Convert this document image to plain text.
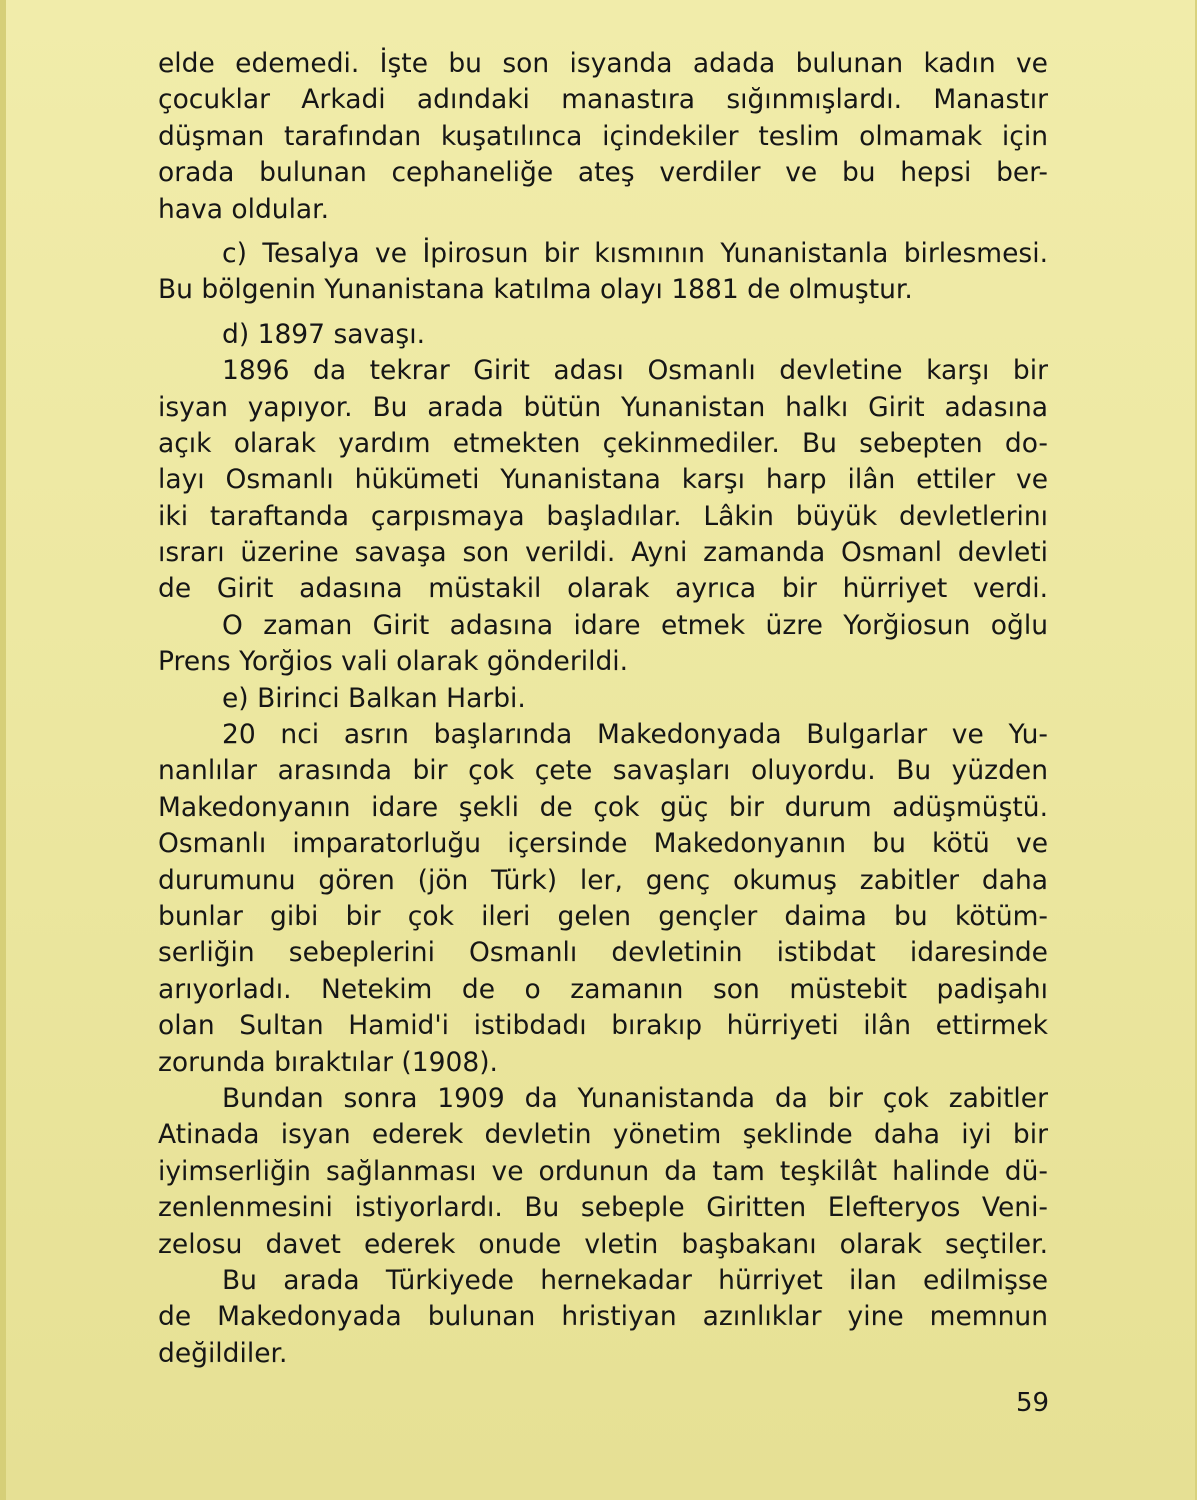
elde edemedi. İşte bu son isyanda adada bulunan kadın ve
çocuklar Arkadi adındaki manastıra sığınmışlardı. Manastır
düşman tarafından kuşatılınca içindekiler teslim olmamak için
orada bulunan cephaneliğe ateş verdiler ve bu hepsi ber-
hava oldular.
c) Tesalya ve İpirosun bir kısmının Yunanistanla birlesmesi.
Bu bölgenin Yunanistana katılma olayı 1881 de olmuştur.
d) 1897 savaşı.
1896 da tekrar Girit adası Osmanlı devletine karşı bir
isyan yapıyor. Bu arada bütün Yunanistan halkı Girit adasına
açık olarak yardım etmekten çekinmediler. Bu sebepten do-
layı Osmanlı hükümeti Yunanistana karşı harp ilân ettiler ve
iki taraftanda çarpısmaya başladılar. Lâkin büyük devletlerinı
ısrarı üzerine savaşa son verildi. Ayni zamanda Osmanl devleti
de Girit adasına müstakil olarak ayrıca bir hürriyet verdi.
O zaman Girit adasına idare etmek üzre Yorğiosun oğlu
Prens Yorğios vali olarak gönderildi.
e) Birinci Balkan Harbi.
20 nci asrın başlarında Makedonyada Bulgarlar ve Yu-
nanlılar arasında bir çok çete savaşları oluyordu. Bu yüzden
Makedonyanın idare şekli de çok güç bir durum adüşmüştü.
Osmanlı imparatorluğu içersinde Makedonyanın bu kötü ve
durumunu gören (jön Türk) ler, genç okumuş zabitler daha
bunlar gibi bir çok ileri gelen gençler daima bu kötüm-
serliğin sebeplerini Osmanlı devletinin istibdat idaresinde
arıyorladı. Netekim de o zamanın son müstebit padişahı
olan Sultan Hamid'i istibdadı bırakıp hürriyeti ilân ettirmek
zorunda bıraktılar (1908).
Bundan sonra 1909 da Yunanistanda da bir çok zabitler
Atinada isyan ederek devletin yönetim şeklinde daha iyi bir
iyimserliğin sağlanması ve ordunun da tam teşkilât halinde dü-
zenlenmesini istiyorlardı. Bu sebeple Giritten Elefteryos Veni-
zelosu davet ederek onude vletin başbakanı olarak seçtiler.
Bu arada Türkiyede hernekadar hürriyet ilan edilmişse
de Makedonyada bulunan hristiyan azınlıklar yine memnun
değildiler.
59
